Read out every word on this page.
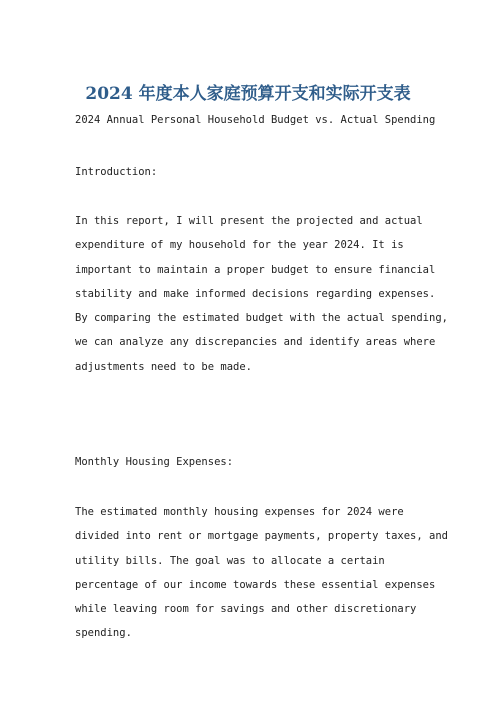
2024 年度本人家庭预算开支和实际开支表

2024 Annual Personal Household Budget vs. Actual Spending

Introduction:

In this report, I will present the projected and actual
expenditure of my household for the year 2024. It is
important to maintain a proper budget to ensure financial
stability and make informed decisions regarding expenses.
By comparing the estimated budget with the actual spending,
we can analyze any discrepancies and identify areas where
adjustments need to be made.

Monthly Housing Expenses:

The estimated monthly housing expenses for 2024 were
divided into rent or mortgage payments, property taxes, and
utility bills. The goal was to allocate a certain
percentage of our income towards these essential expenses
while leaving room for savings and other discretionary
spending.
